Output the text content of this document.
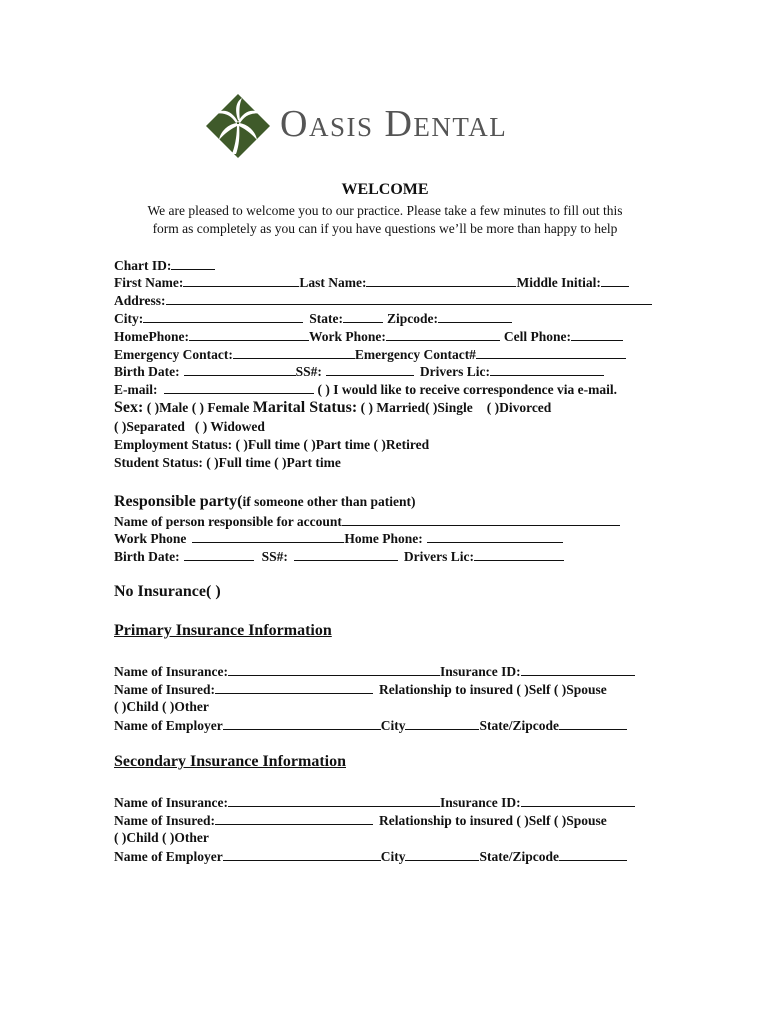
Oasis Dental
WELCOME
We are pleased to welcome you to our practice. Please take a few minutes to fill out this
form as completely as you can if you have questions we’ll be more than happy to help
Chart ID:
First Name:	Last Name:	Middle Initial:
Address:
City:	State:	Zipcode:
HomePhone:	Work Phone:	Cell Phone:
Emergency Contact:	Emergency Contact#
Birth Date:	SS#:	Drivers Lic:
E-mail:	( ) I would like to receive correspondence via e-mail.
Sex: ( )Male ( ) Female Marital Status: ( ) Married( )Single ( )Divorced
( )Separated ( ) Widowed
Employment Status: ( )Full time ( )Part time ( )Retired
Student Status: ( )Full time ( )Part time
Responsible party(if someone other than patient)
Name of person responsible for account
Work Phone	Home Phone:
Birth Date:	SS#:	Drivers Lic:
No Insurance( )
Primary Insurance Information
Name of Insurance:	Insurance ID:
Name of Insured:	Relationship to insured ( )Self ( )Spouse
( )Child ( )Other
Name of Employer	City	State/Zipcode
Secondary Insurance Information
Name of Insurance:	Insurance ID:
Name of Insured:	Relationship to insured ( )Self ( )Spouse
( )Child ( )Other
Name of Employer	City	State/Zipcode
